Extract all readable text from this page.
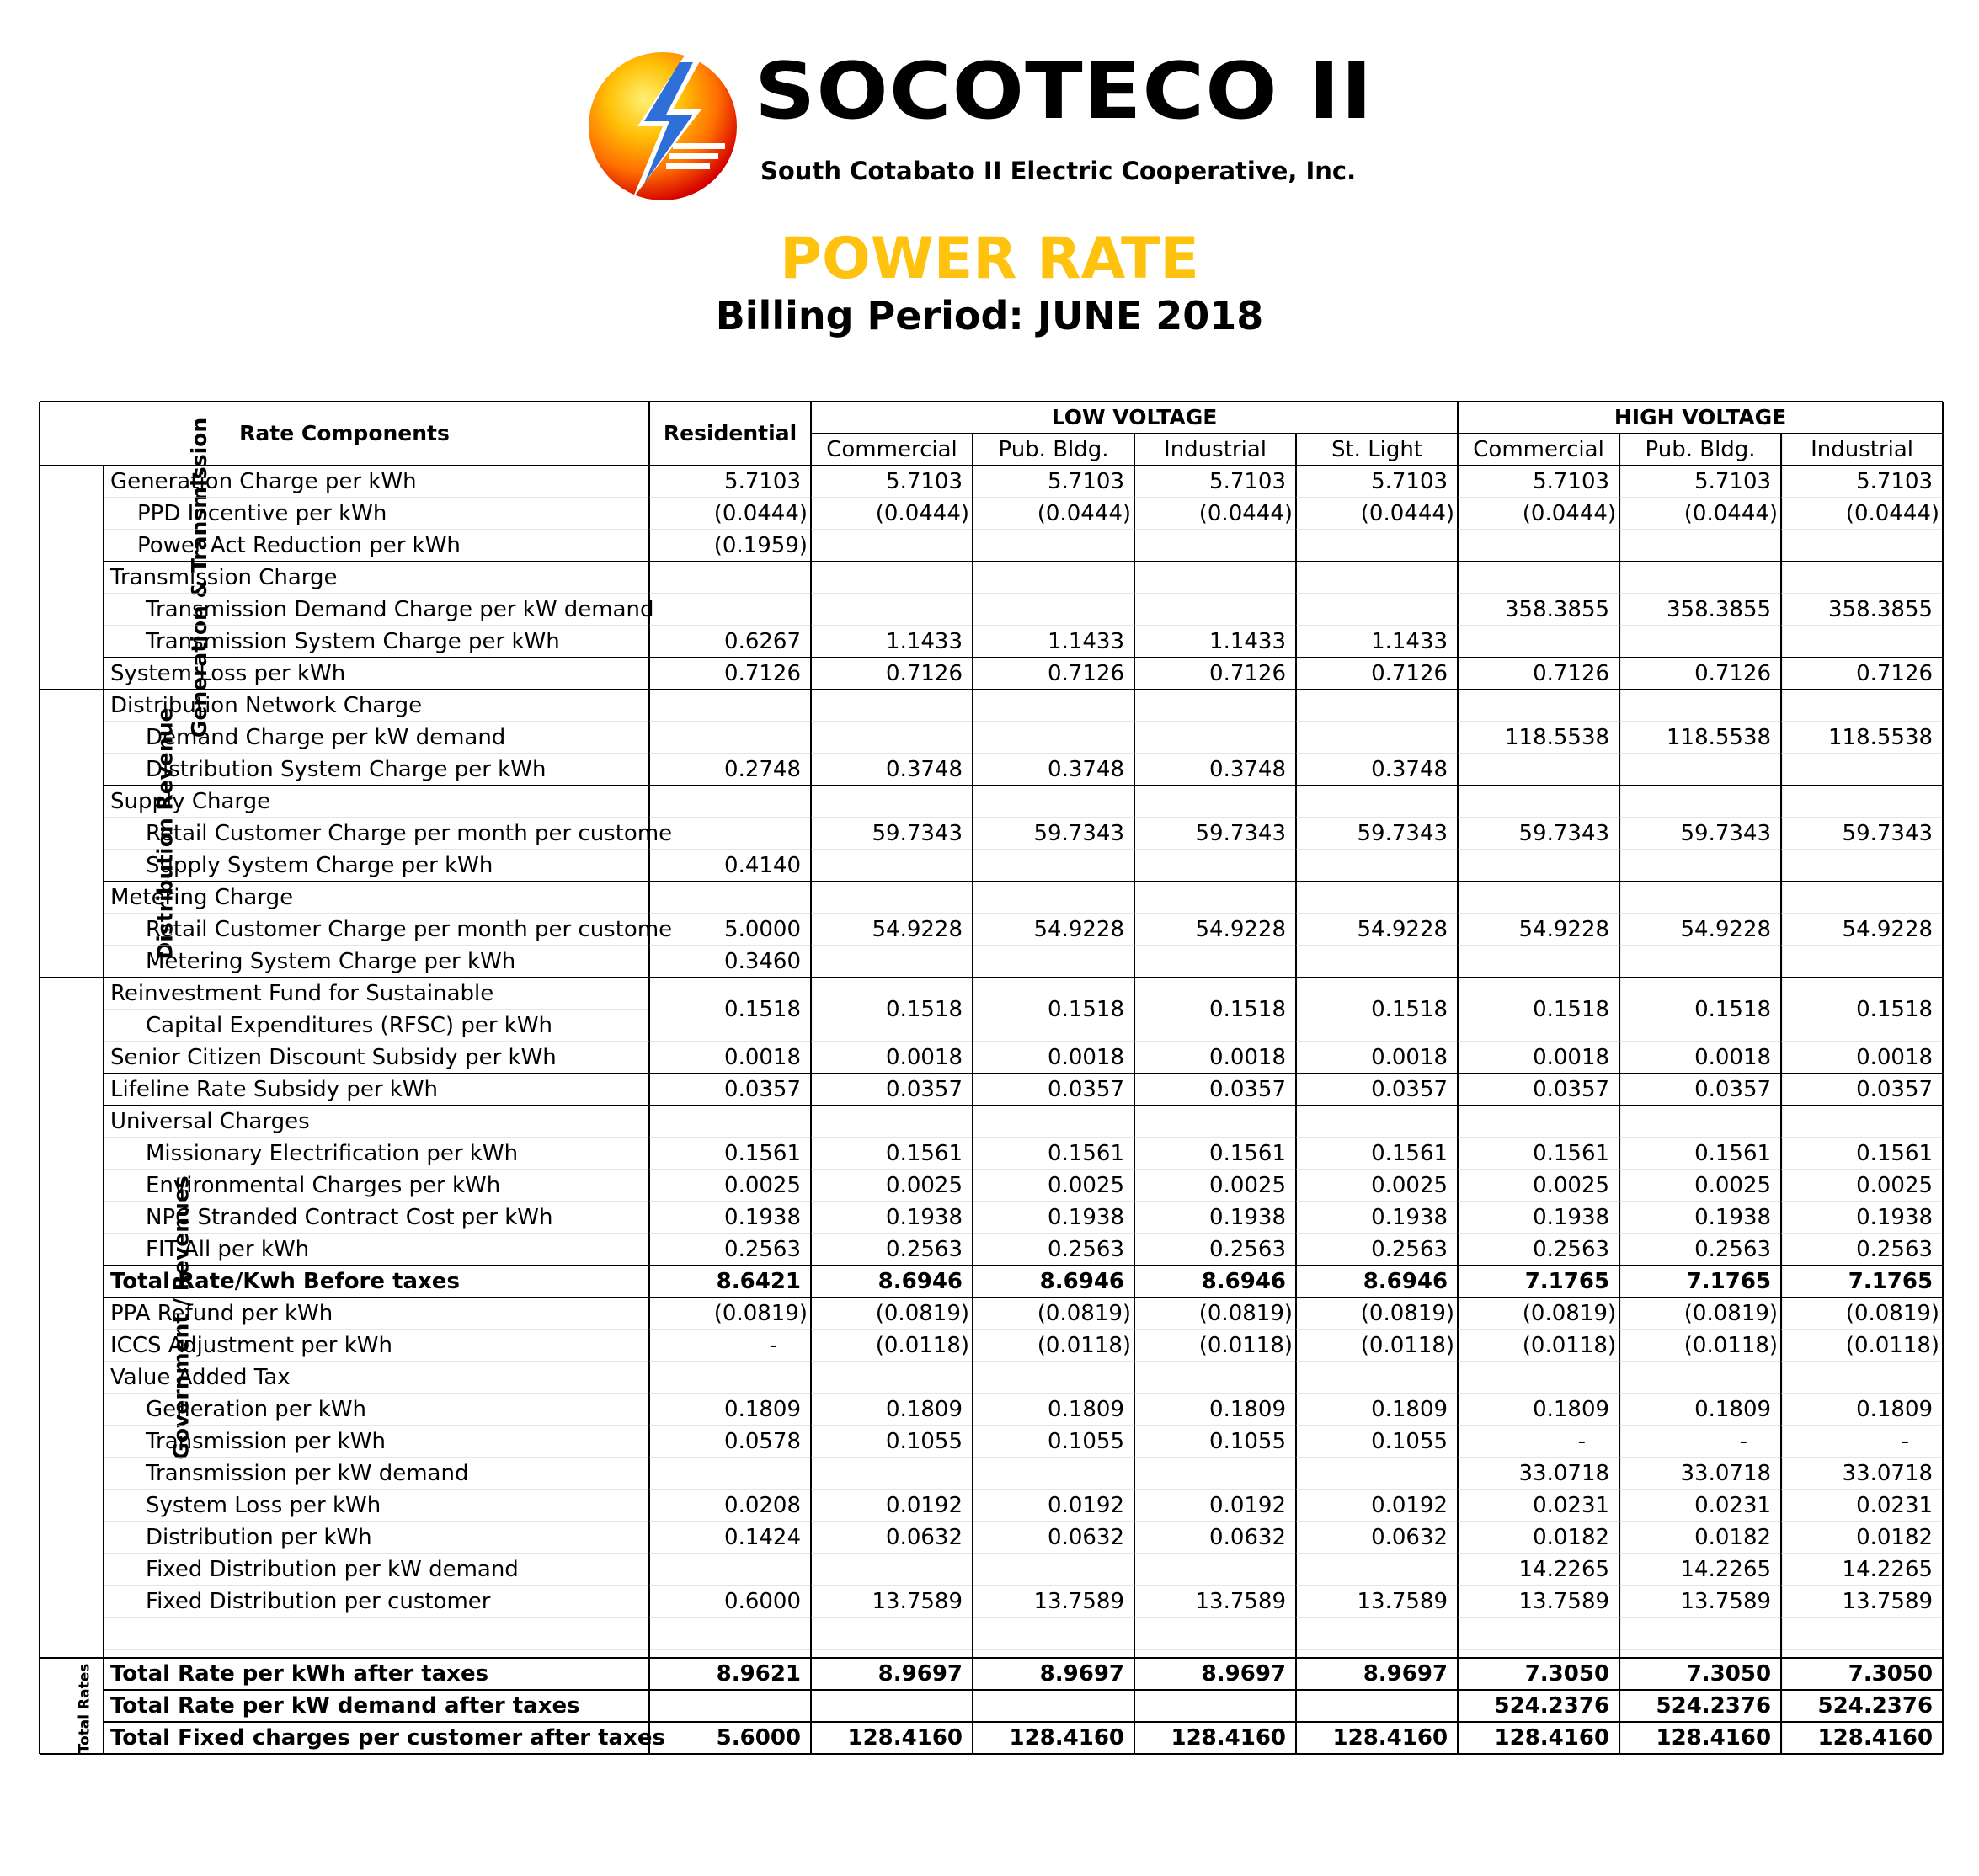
SOCOTECO II
South Cotabato II Electric Cooperative, Inc.
POWER RATE
Billing Period: JUNE 2018
Rate Components		Residential	LOW VOLTAGE				HIGH VOLTAGE		
			Commercial	Pub. Bldg.	Industrial	St. Light	Commercial	Pub. Bldg.	Industrial
Generation & Transmission	Generation Charge per kWh	5.7103	5.7103	5.7103	5.7103	5.7103	5.7103	5.7103	5.7103
	PPD Incentive per kWh	(0.0444)	(0.0444)	(0.0444)	(0.0444)	(0.0444)	(0.0444)	(0.0444)	(0.0444)
	Power Act Reduction per kWh	(0.1959)							
	Transmission Charge								
	Transmission Demand Charge per kW demand						358.3855	358.3855	358.3855
	Transmission System Charge per kWh	0.6267	1.1433	1.1433	1.1433	1.1433			
	System Loss per kWh	0.7126	0.7126	0.7126	0.7126	0.7126	0.7126	0.7126	0.7126
Distribution Revenue	Distribution Network Charge								
	Demand Charge per kW demand						118.5538	118.5538	118.5538
	Distribution System Charge per kWh	0.2748	0.3748	0.3748	0.3748	0.3748			
	Supply Charge								
	Retail Customer Charge per month per custome		59.7343	59.7343	59.7343	59.7343	59.7343	59.7343	59.7343
	Supply System Charge per kWh	0.4140							
	Metering Charge								
	Retail Customer Charge per month per custome	5.0000	54.9228	54.9228	54.9228	54.9228	54.9228	54.9228	54.9228
	Metering System Charge per kWh	0.3460							
Government / Revenues	Reinvestment Fund for Sustainable	0.1518	0.1518	0.1518	0.1518	0.1518	0.1518	0.1518	0.1518
	Capital Expenditures (RFSC) per kWh								
	Senior Citizen Discount Subsidy per kWh	0.0018	0.0018	0.0018	0.0018	0.0018	0.0018	0.0018	0.0018
	Lifeline Rate Subsidy per kWh	0.0357	0.0357	0.0357	0.0357	0.0357	0.0357	0.0357	0.0357
	Universal Charges								
	Missionary Electrification per kWh	0.1561	0.1561	0.1561	0.1561	0.1561	0.1561	0.1561	0.1561
	Environmental Charges per kWh	0.0025	0.0025	0.0025	0.0025	0.0025	0.0025	0.0025	0.0025
	NPC Stranded Contract Cost per kWh	0.1938	0.1938	0.1938	0.1938	0.1938	0.1938	0.1938	0.1938
	FIT-All per kWh	0.2563	0.2563	0.2563	0.2563	0.2563	0.2563	0.2563	0.2563
	Total Rate/Kwh Before taxes	8.6421	8.6946	8.6946	8.6946	8.6946	7.1765	7.1765	7.1765
	PPA Refund per kWh	(0.0819)	(0.0819)	(0.0819)	(0.0819)	(0.0819)	(0.0819)	(0.0819)	(0.0819)
	ICCS Adjustment per kWh	-	(0.0118)	(0.0118)	(0.0118)	(0.0118)	(0.0118)	(0.0118)	(0.0118)
	Value Added Tax								
	Generation per kWh	0.1809	0.1809	0.1809	0.1809	0.1809	0.1809	0.1809	0.1809
	Transmission per kWh	0.0578	0.1055	0.1055	0.1055	0.1055	-	-	-
	Transmission per kW demand						33.0718	33.0718	33.0718
	System Loss per kWh	0.0208	0.0192	0.0192	0.0192	0.0192	0.0231	0.0231	0.0231
	Distribution per kWh	0.1424	0.0632	0.0632	0.0632	0.0632	0.0182	0.0182	0.0182
	Fixed Distribution per kW demand						14.2265	14.2265	14.2265
	Fixed Distribution per customer	0.6000	13.7589	13.7589	13.7589	13.7589	13.7589	13.7589	13.7589

Total Rates	Total Rate per kWh after taxes	8.9621	8.9697	8.9697	8.9697	8.9697	7.3050	7.3050	7.3050
	Total Rate per kW demand after taxes						524.2376	524.2376	524.2376
	Total Fixed charges per customer after taxes	5.6000	128.4160	128.4160	128.4160	128.4160	128.4160	128.4160	128.4160
